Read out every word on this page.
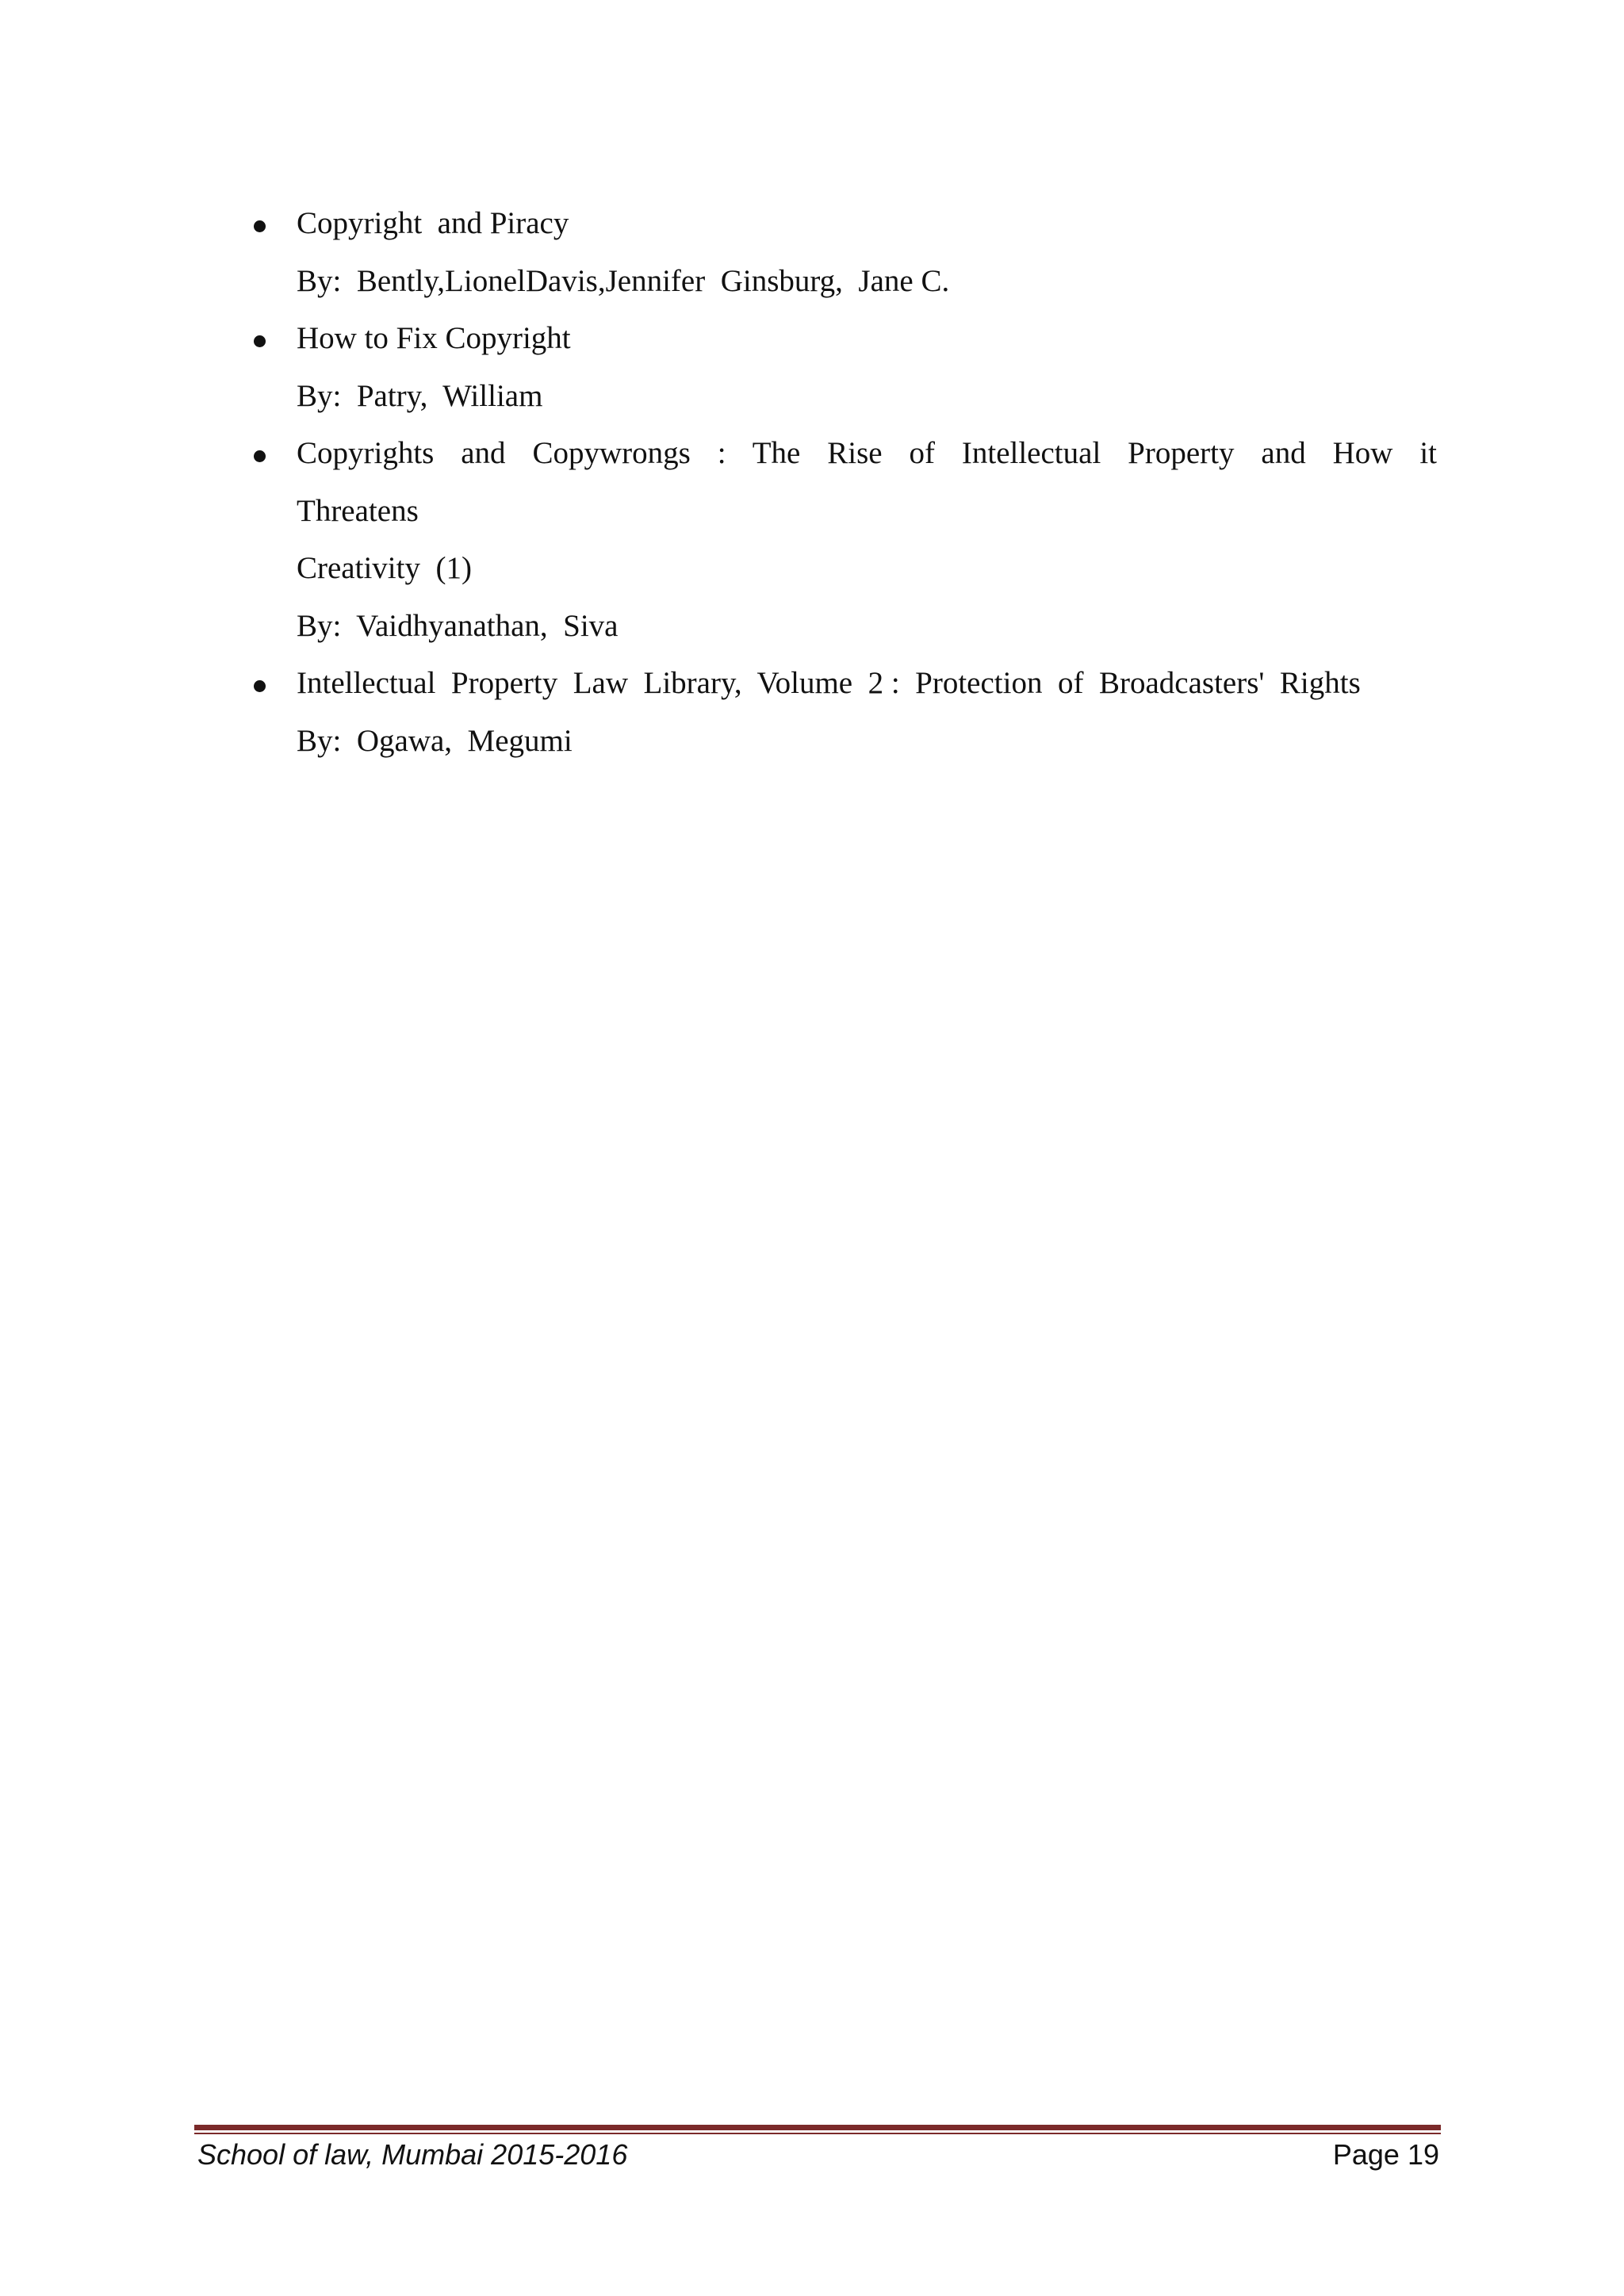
Copyright  and Piracy

By:  Bently,LionelDavis,Jennifer  Ginsburg,  Jane C.

How to Fix Copyright

By:  Patry,  William

Copyrights  and  Copywrongs  :  The  Rise  of  Intellectual  Property  and  How  it  Threatens

Creativity  (1)

By:  Vaidhyanathan,  Siva

Intellectual  Property  Law  Library,  Volume  2 :  Protection  of  Broadcasters'  Rights

By:  Ogawa,  Megumi

School of law, Mumbai 2015-2016	Page 19
